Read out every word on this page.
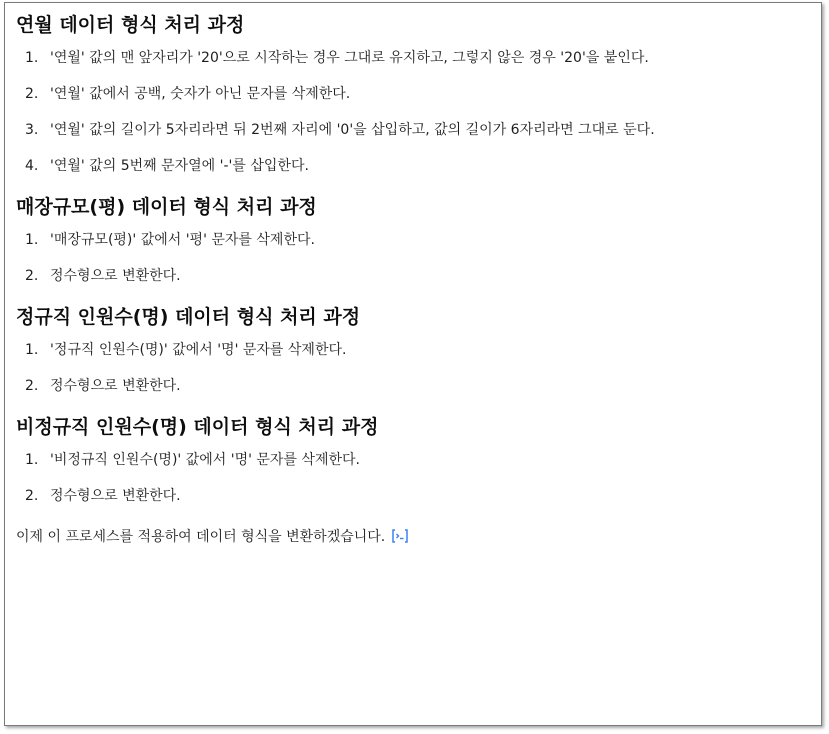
연월 데이터 형식 처리 과정
1. '연월' 값의 맨 앞자리가 '20'으로 시작하는 경우 그대로 유지하고, 그렇지 않은 경우 '20'을 붙인다.
2. '연월' 값에서 공백, 숫자가 아닌 문자를 삭제한다.
3. '연월' 값의 길이가 5자리라면 뒤 2번째 자리에 '0'을 삽입하고, 값의 길이가 6자리라면 그대로 둔다.
4. '연월' 값의 5번째 문자열에 '-'를 삽입한다.
매장규모(평) 데이터 형식 처리 과정
1. '매장규모(평)' 값에서 '평' 문자를 삭제한다.
2. 정수형으로 변환한다.
정규직 인원수(명) 데이터 형식 처리 과정
1. '정규직 인원수(명)' 값에서 '명' 문자를 삭제한다.
2. 정수형으로 변환한다.
비정규직 인원수(명) 데이터 형식 처리 과정
1. '비정규직 인원수(명)' 값에서 '명' 문자를 삭제한다.
2. 정수형으로 변환한다.
이제 이 프로세스를 적용하여 데이터 형식을 변환하겠습니다.
